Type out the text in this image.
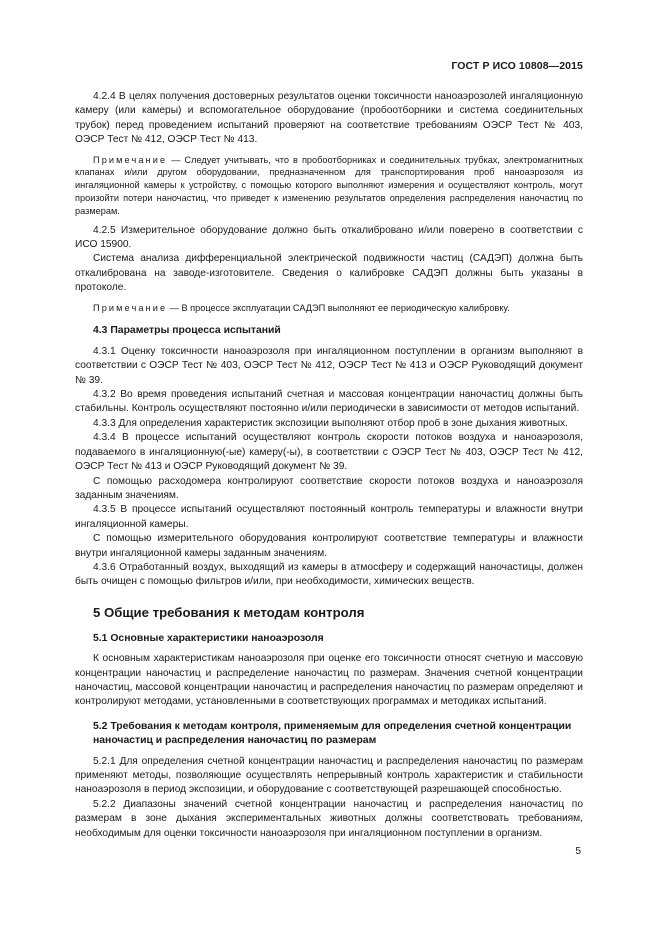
ГОСТ Р ИСО 10808—2015

4.2.4 В целях получения достоверных результатов оценки токсичности наноаэрозолей ингаляционную камеру (или камеры) и вспомогательное оборудование (пробоотборники и система соединительных трубок) перед проведением испытаний проверяют на соответствие требованиям ОЭСР Тест № 403, ОЭСР Тест № 412, ОЭСР Тест № 413.

Примечание — Следует учитывать, что в пробоотборниках и соединительных трубках, электромагнитных клапанах и/или другом оборудовании, предназначенном для транспортирования проб наноаэрозоля из ингаляционной камеры к устройству, с помощью которого выполняют измерения и осуществляют контроль, могут произойти потери наночастиц, что приведет к изменению результатов определения распределения наночастиц по размерам.

4.2.5 Измерительное оборудование должно быть откалибровано и/или поверено в соответствии с ИСО 15900.

Система анализа дифференциальной электрической подвижности частиц (САДЭП) должна быть откалибрована на заводе-изготовителе. Сведения о калибровке САДЭП должны быть указаны в протоколе.

Примечание — В процессе эксплуатации САДЭП выполняют ее периодическую калибровку.

4.3 Параметры процесса испытаний

4.3.1 Оценку токсичности наноаэрозоля при ингаляционном поступлении в организм выполняют в соответствии с ОЭСР Тест № 403, ОЭСР Тест № 412, ОЭСР Тест № 413 и ОЭСР Руководящий документ № 39.

4.3.2 Во время проведения испытаний счетная и массовая концентрации наночастиц должны быть стабильны. Контроль осуществляют постоянно и/или периодически в зависимости от методов испытаний.

4.3.3 Для определения характеристик экспозиции выполняют отбор проб в зоне дыхания животных.

4.3.4 В процессе испытаний осуществляют контроль скорости потоков воздуха и наноаэрозоля, подаваемого в ингаляционную(-ые) камеру(-ы), в соответствии с ОЭСР Тест № 403, ОЭСР Тест № 412, ОЭСР Тест № 413 и ОЭСР Руководящий документ № 39.

С помощью расходомера контролируют соответствие скорости потоков воздуха и наноаэрозоля заданным значениям.

4.3.5 В процессе испытаний осуществляют постоянный контроль температуры и влажности внутри ингаляционной камеры.

С помощью измерительного оборудования контролируют соответствие температуры и влажности внутри ингаляционной камеры заданным значениям.

4.3.6 Отработанный воздух, выходящий из камеры в атмосферу и содержащий наночастицы, должен быть очищен с помощью фильтров и/или, при необходимости, химических веществ.

5 Общие требования к методам контроля
5.1 Основные характеристики наноаэрозоля

К основным характеристикам наноаэрозоля при оценке его токсичности относят счетную и массовую концентрации наночастиц и распределение наночастиц по размерам. Значения счетной концентрации наночастиц, массовой концентрации наночастиц и распределения наночастиц по размерам определяют и контролируют методами, установленными в соответствующих программах и методиках испытаний.

5.2 Требования к методам контроля, применяемым для определения счетной концентрации наночастиц и распределения наночастиц по размерам

5.2.1 Для определения счетной концентрации наночастиц и распределения наночастиц по размерам применяют методы, позволяющие осуществлять непрерывный контроль характеристик и стабильности наноаэрозоля в период экспозиции, и оборудование с соответствующей разрешающей способностью.

5.2.2 Диапазоны значений счетной концентрации наночастиц и распределения наночастиц по размерам в зоне дыхания экспериментальных животных должны соответствовать требованиям, необходимым для оценки токсичности наноаэрозоля при ингаляционном поступлении в организм.

5
